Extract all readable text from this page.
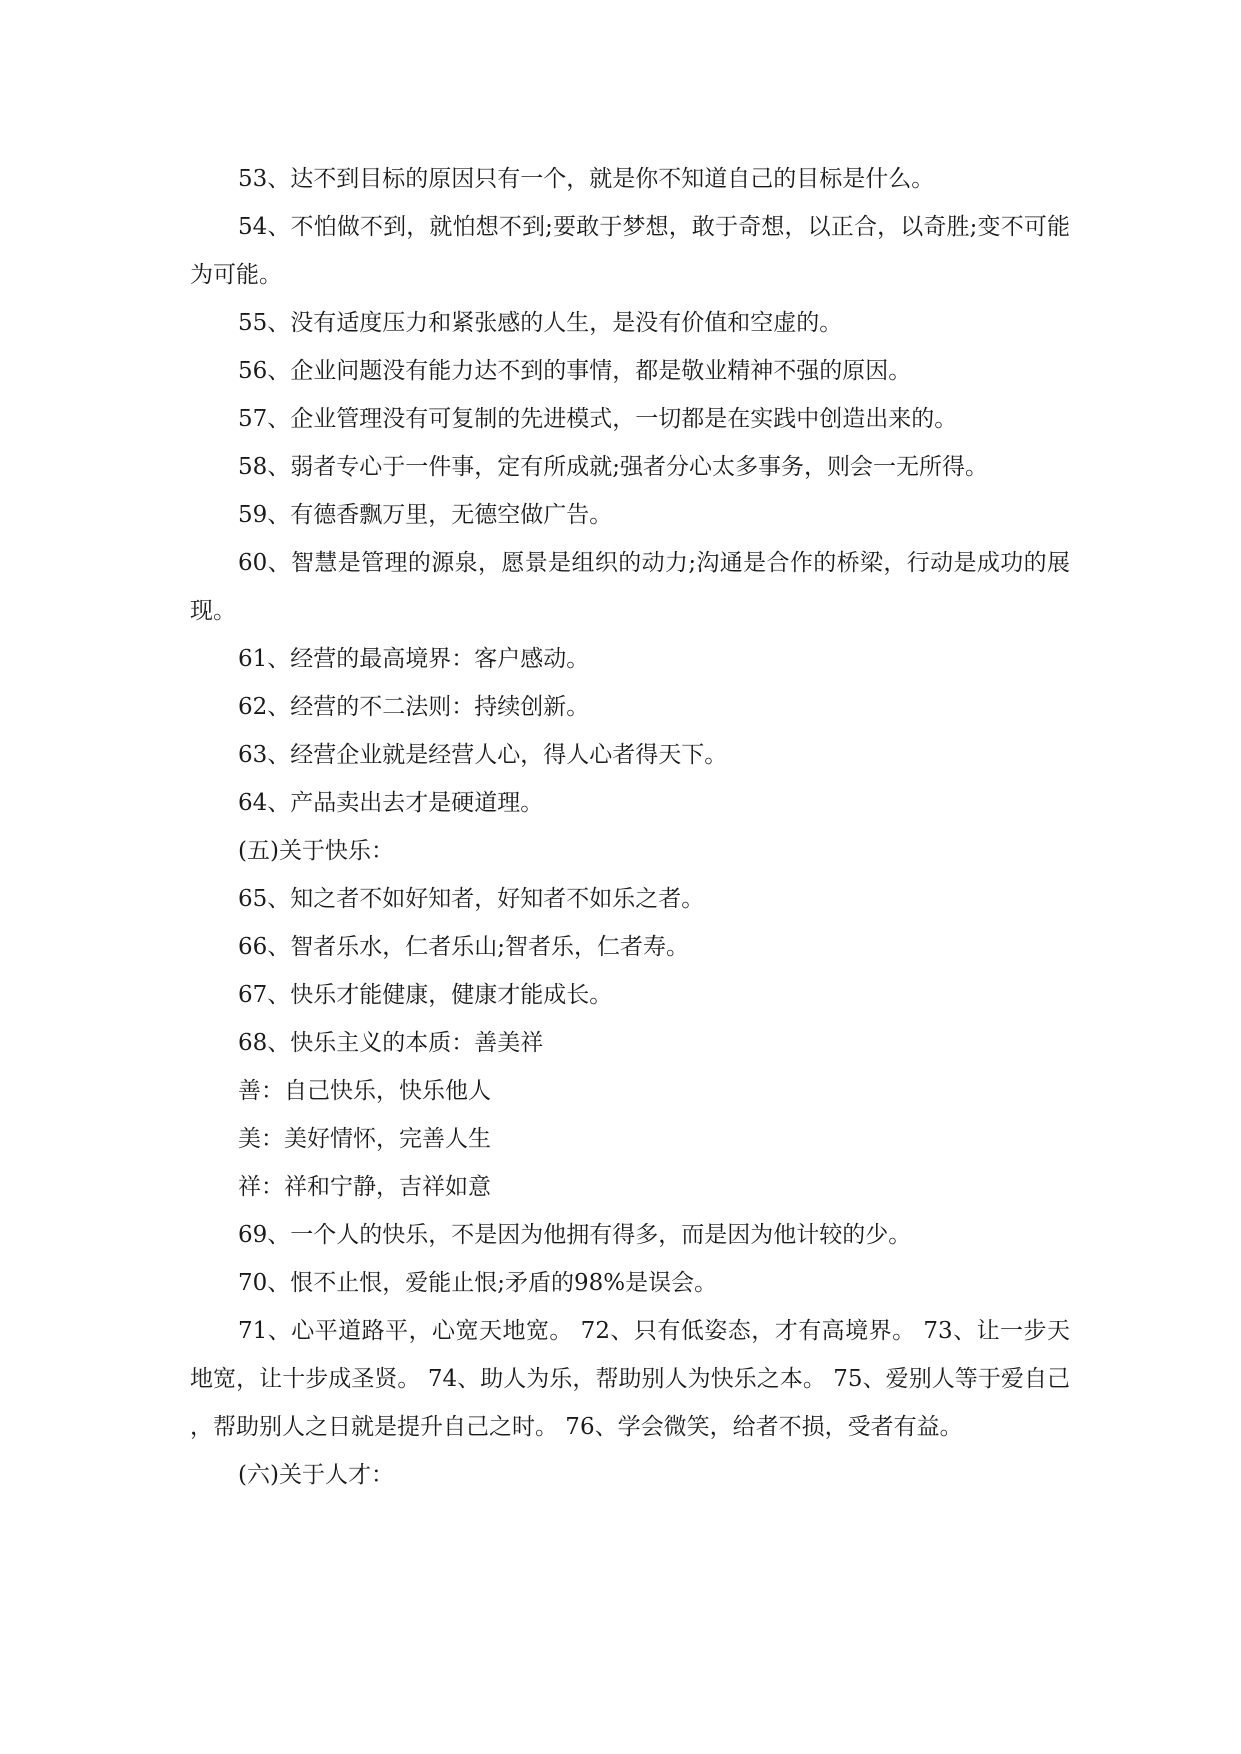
53、达不到目标的原因只有一个，就是你不知道自己的目标是什么。

54、不怕做不到，就怕想不到;要敢于梦想，敢于奇想，以正合，以奇胜;变不可能为可能。

55、没有适度压力和紧张感的人生，是没有价值和空虚的。

56、企业问题没有能力达不到的事情，都是敬业精神不强的原因。

57、企业管理没有可复制的先进模式，一切都是在实践中创造出来的。

58、弱者专心于一件事，定有所成就;强者分心太多事务，则会一无所得。

59、有德香飘万里，无德空做广告。

60、智慧是管理的源泉，愿景是组织的动力;沟通是合作的桥梁，行动是成功的展现。

61、经营的最高境界：客户感动。

62、经营的不二法则：持续创新。

63、经营企业就是经营人心，得人心者得天下。

64、产品卖出去才是硬道理。

(五)关于快乐：

65、知之者不如好知者，好知者不如乐之者。

66、智者乐水，仁者乐山;智者乐，仁者寿。

67、快乐才能健康，健康才能成长。

68、快乐主义的本质：善美祥

善：自己快乐，快乐他人

美：美好情怀，完善人生

祥：祥和宁静，吉祥如意

69、一个人的快乐，不是因为他拥有得多，而是因为他计较的少。

70、恨不止恨，爱能止恨;矛盾的98%是误会。

71、心平道路平，心宽天地宽。 72、只有低姿态，才有高境界。 73、让一步天地宽，让十步成圣贤。 74、助人为乐，帮助别人为快乐之本。 75、爱别人等于爱自己，帮助别人之日就是提升自己之时。 76、学会微笑，给者不损，受者有益。

(六)关于人才：
